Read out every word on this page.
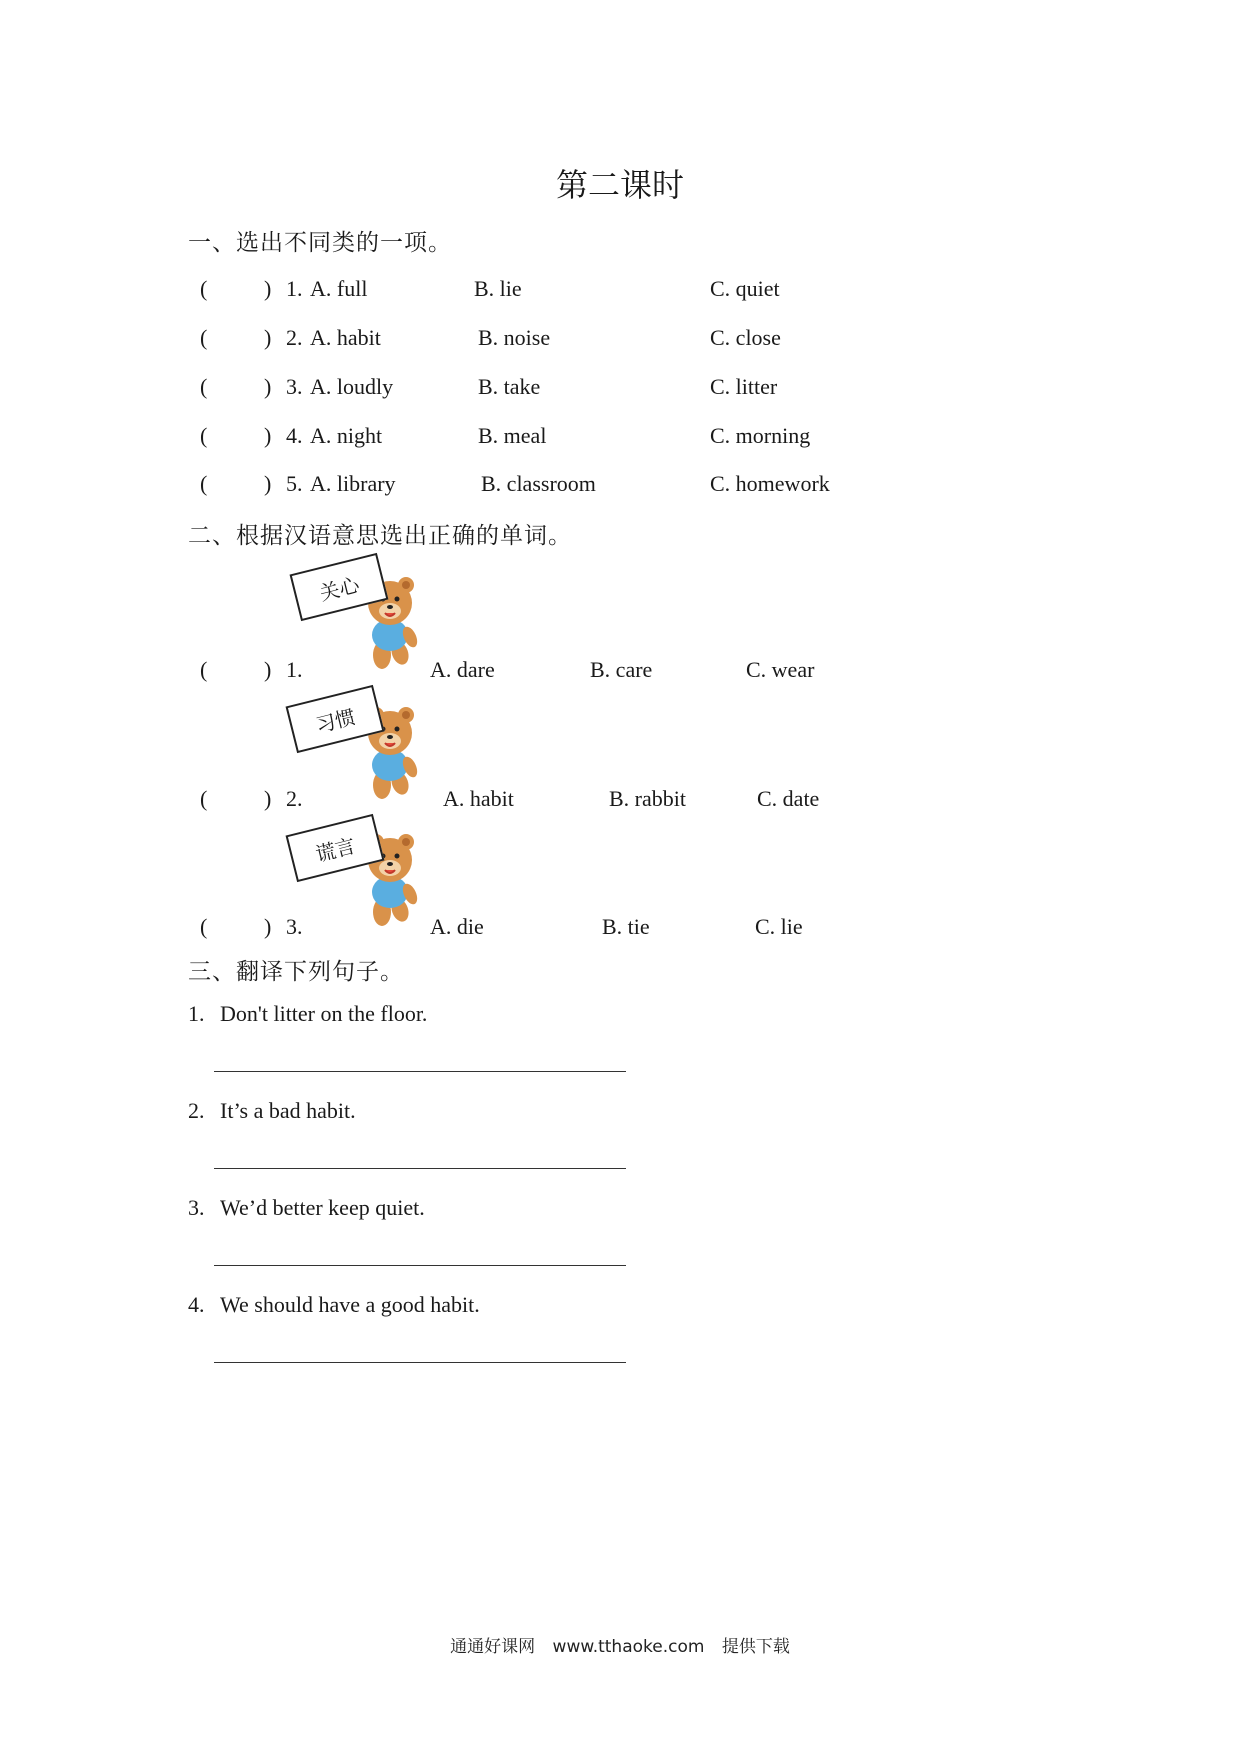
第二课时
一、选出不同类的一项。
(	) 1. A. full	B. lie	C. quiet
(	) 2. A. habit	B. noise	C. close
(	) 3. A. loudly	B. take	C. litter
(	) 4. A. night	B. meal	C. morning
(	) 5. A. library	B. classroom	C. homework
二、根据汉语意思选出正确的单词。
关心
(	) 1.	A. dare	B. care	C. wear
习惯
(	) 2.	A. habit	B. rabbit	C. date
谎言
(	) 3.	A. die	B. tie	C. lie
三、翻译下列句子。
1. Don't litter on the floor.
2. It’s a bad habit.
3. We’d better keep quiet.
4. We should have a good habit.
通通好课网 www.tthaoke.com 提供下载
